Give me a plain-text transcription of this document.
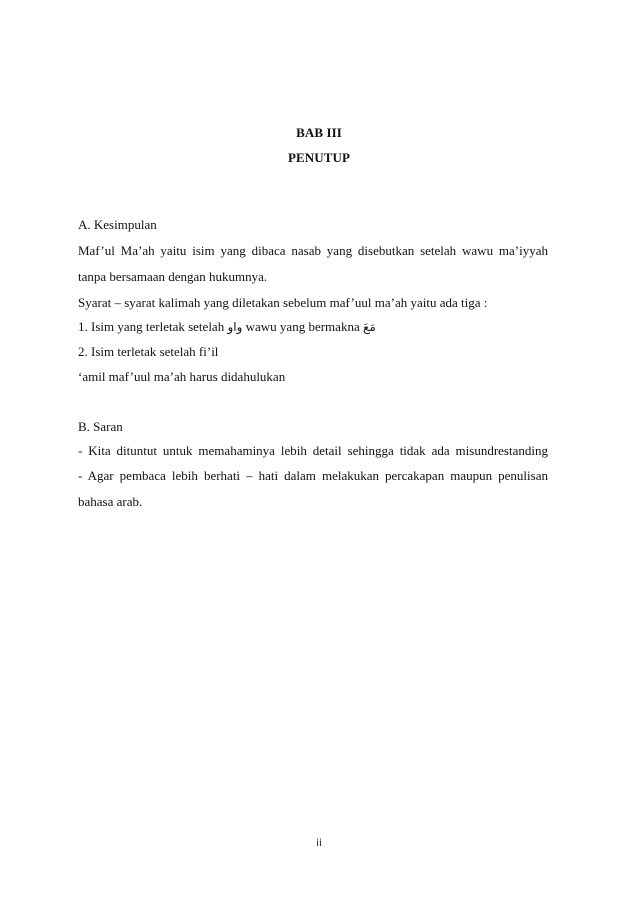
BAB III
PENUTUP
A. Kesimpulan
Maf’ul Ma’ah yaitu isim yang dibaca nasab yang disebutkan setelah wawu ma’iyyah
tanpa bersamaan dengan hukumnya.
Syarat – syarat kalimah yang diletakan sebelum maf’uul ma’ah yaitu ada tiga :
1. Isim yang terletak setelah واو wawu yang bermakna مَعَ
2. Isim terletak setelah fi’il
‘amil maf’uul ma’ah harus didahulukan
B. Saran
- Kita dituntut untuk memahaminya lebih detail sehingga tidak ada misundrestanding
- Agar pembaca lebih berhati – hati dalam melakukan percakapan maupun penulisan
bahasa arab.
ii
